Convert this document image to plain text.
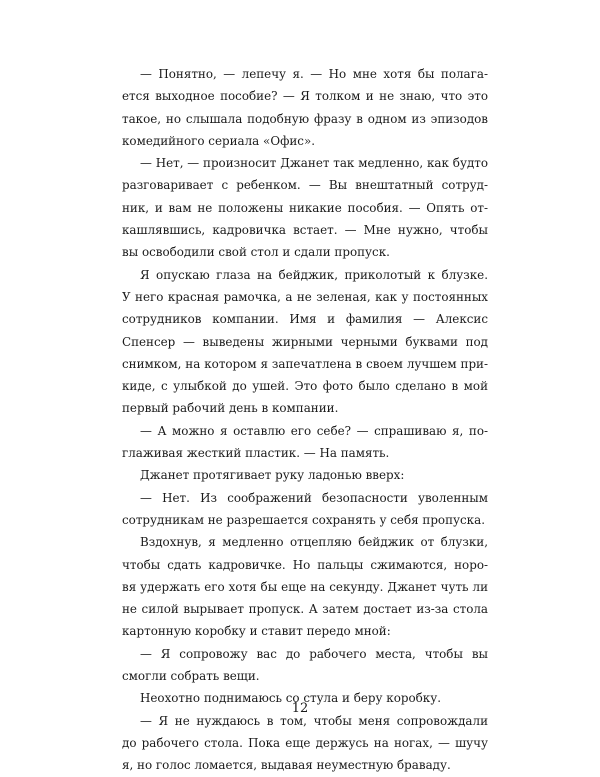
— Понятно, — лепечу я. — Но мне хотя бы полага-
ется выходное пособие? — Я толком и не знаю, что это
такое, но слышала подобную фразу в одном из эпизодов
комедийного сериала «Офис».
— Нет, — произносит Джанет так медленно, как будто
разговаривает с ребенком. — Вы внештатный сотруд-
ник, и вам не положены никакие пособия. — Опять от-
кашлявшись, кадровичка встает. — Мне нужно, чтобы
вы освободили свой стол и сдали пропуск.
Я опускаю глаза на бейджик, приколотый к блузке.
У него красная рамочка, а не зеленая, как у постоянных
сотрудников компании. Имя и фамилия — Алексис
Спенсер — выведены жирными черными буквами под
снимком, на котором я запечатлена в своем лучшем при-
киде, с улыбкой до ушей. Это фото было сделано в мой
первый рабочий день в компании.
— А можно я оставлю его себе? — спрашиваю я, по-
глаживая жесткий пластик. — На память.
Джанет протягивает руку ладонью вверх:
— Нет. Из соображений безопасности уволенным
сотрудникам не разрешается сохранять у себя пропуска.
Вздохнув, я медленно отцепляю бейджик от блузки,
чтобы сдать кадровичке. Но пальцы сжимаются, норо-
вя удержать его хотя бы еще на секунду. Джанет чуть ли
не силой вырывает пропуск. А затем достает из-за стола
картонную коробку и ставит передо мной:
— Я сопровожу вас до рабочего места, чтобы вы
смогли собрать вещи.
Неохотно поднимаюсь со стула и беру коробку.
— Я не нуждаюсь в том, чтобы меня сопровождали
до рабочего стола. Пока еще держусь на ногах, — шучу
я, но голос ломается, выдавая неуместную браваду.
12
